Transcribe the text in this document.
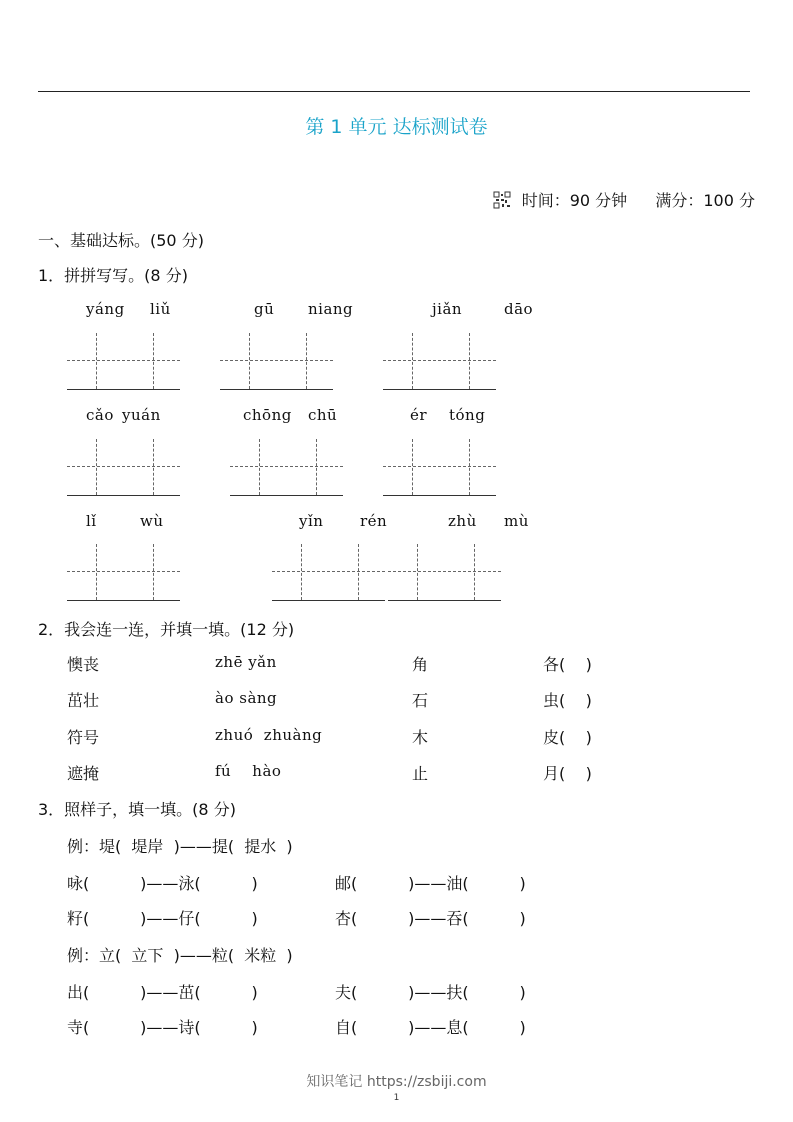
第 1 单元 达标测试卷
时间：90 分钟 满分：100 分
一、基础达标。(50 分)
1．拼拼写写。(8 分)
yáng liǔ	gū niang	jiǎn	dāo
cǎo yuán	chōng chū	ér tóng
lǐ	wù	yǐn rén	zhù mù
2．我会连一连，并填一填。(12 分)
懊丧	zhē yǎn	角	各(    )
茁壮	ào sàng	石	虫(    )
符号	zhuó  zhuàng	木	皮(    )
遮掩	fú    hào	止	月(    )
3．照样子，填一填。(8 分)
例：堤(  堤岸  )——提(  提水  )
咏(          )——泳(          )	邮(          )——油(          )
籽(          )——仔(          )	杏(          )——吞(          )
例：立(  立下  )——粒(  米粒  )
出(          )——茁(          )	夫(          )——扶(          )
寺(          )——诗(          )	自(          )——息(          )
知识笔记 https://zsbiji.com
1
